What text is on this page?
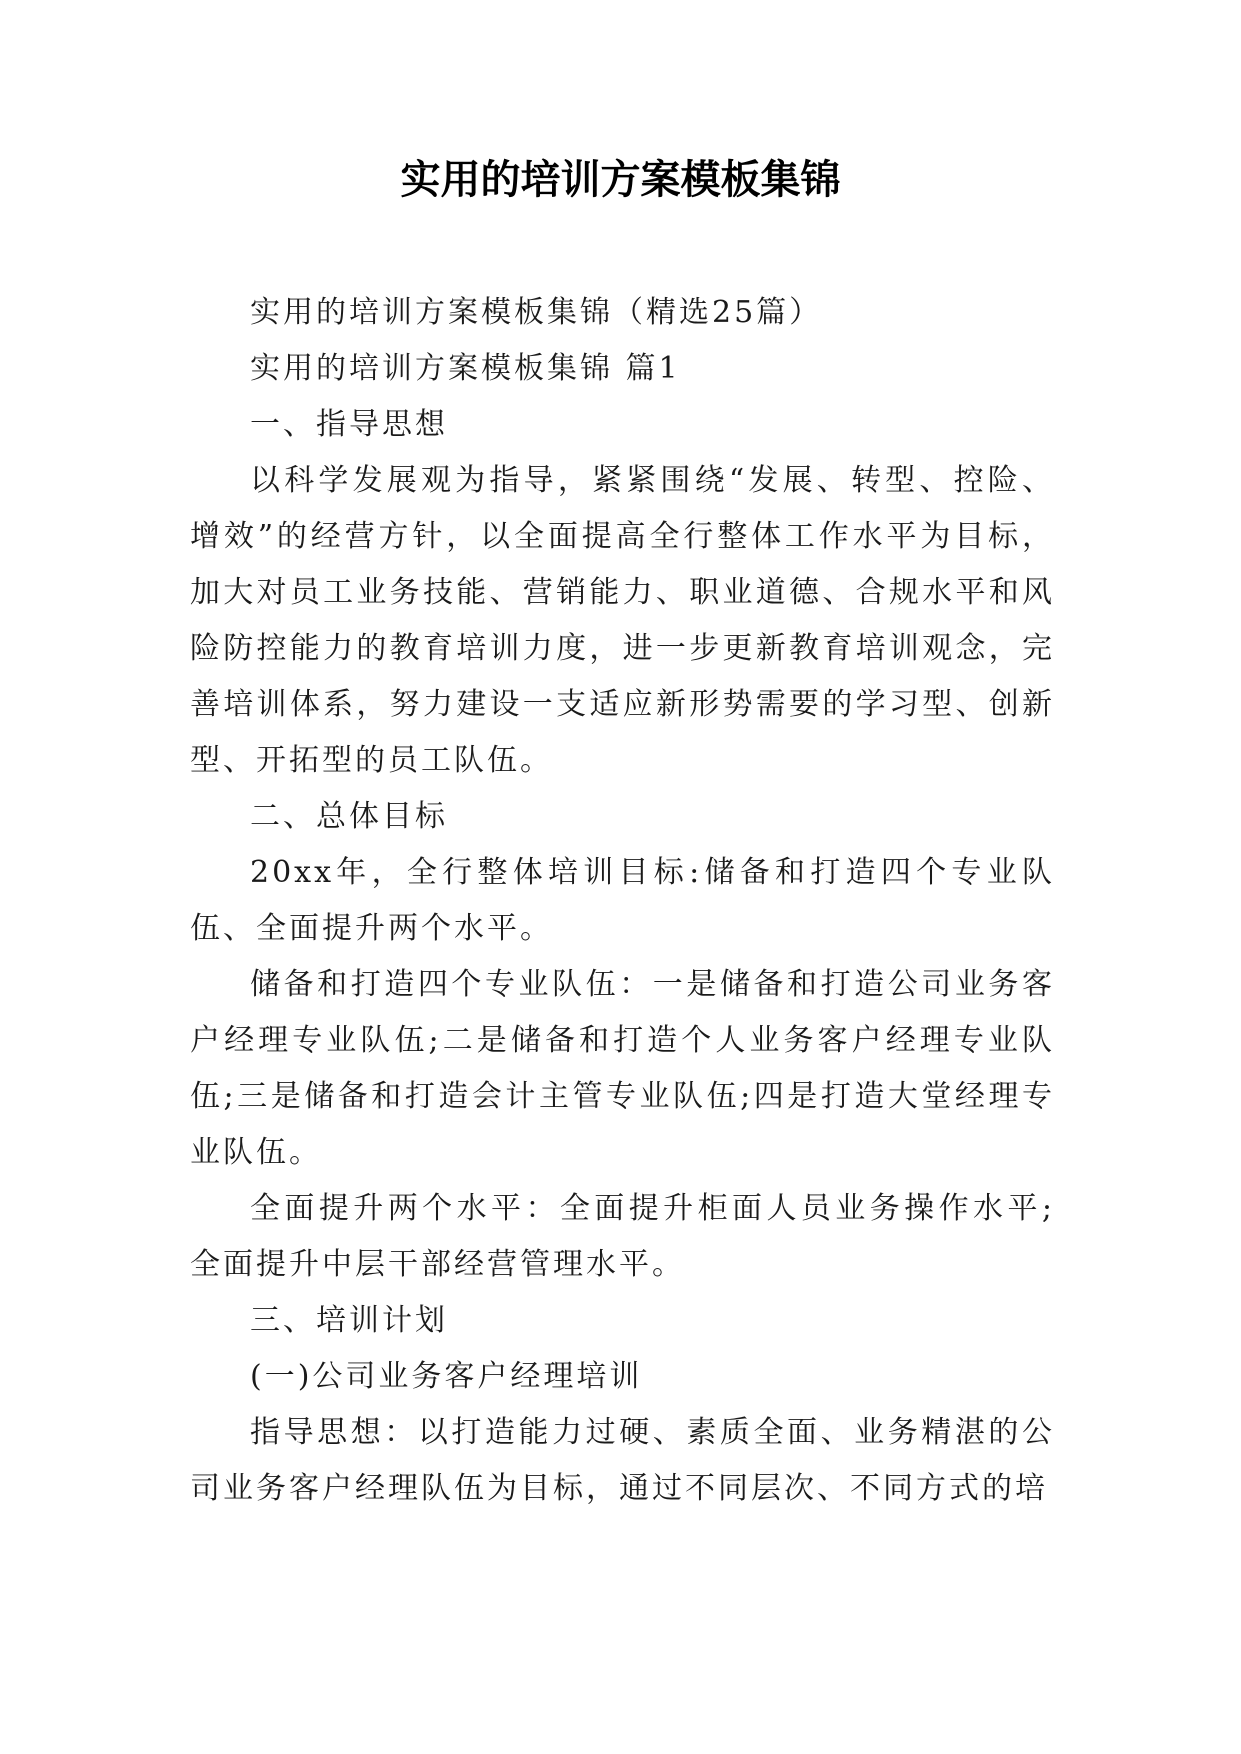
实用的培训方案模板集锦

实用的培训方案模板集锦（精选25篇）

实用的培训方案模板集锦 篇1

一、指导思想

以科学发展观为指导，紧紧围绕“发展、转型、控险、增效”的经营方针，以全面提高全行整体工作水平为目标，加大对员工业务技能、营销能力、职业道德、合规水平和风险防控能力的教育培训力度，进一步更新教育培训观念，完善培训体系，努力建设一支适应新形势需要的学习型、创新型、开拓型的员工队伍。

二、总体目标

20xx年，全行整体培训目标:储备和打造四个专业队伍、全面提升两个水平。

储备和打造四个专业队伍：一是储备和打造公司业务客户经理专业队伍;二是储备和打造个人业务客户经理专业队伍;三是储备和打造会计主管专业队伍;四是打造大堂经理专业队伍。

全面提升两个水平：全面提升柜面人员业务操作水平;全面提升中层干部经营管理水平。

三、培训计划

(一)公司业务客户经理培训

指导思想：以打造能力过硬、素质全面、业务精湛的公司业务客户经理队伍为目标，通过不同层次、不同方式的培
